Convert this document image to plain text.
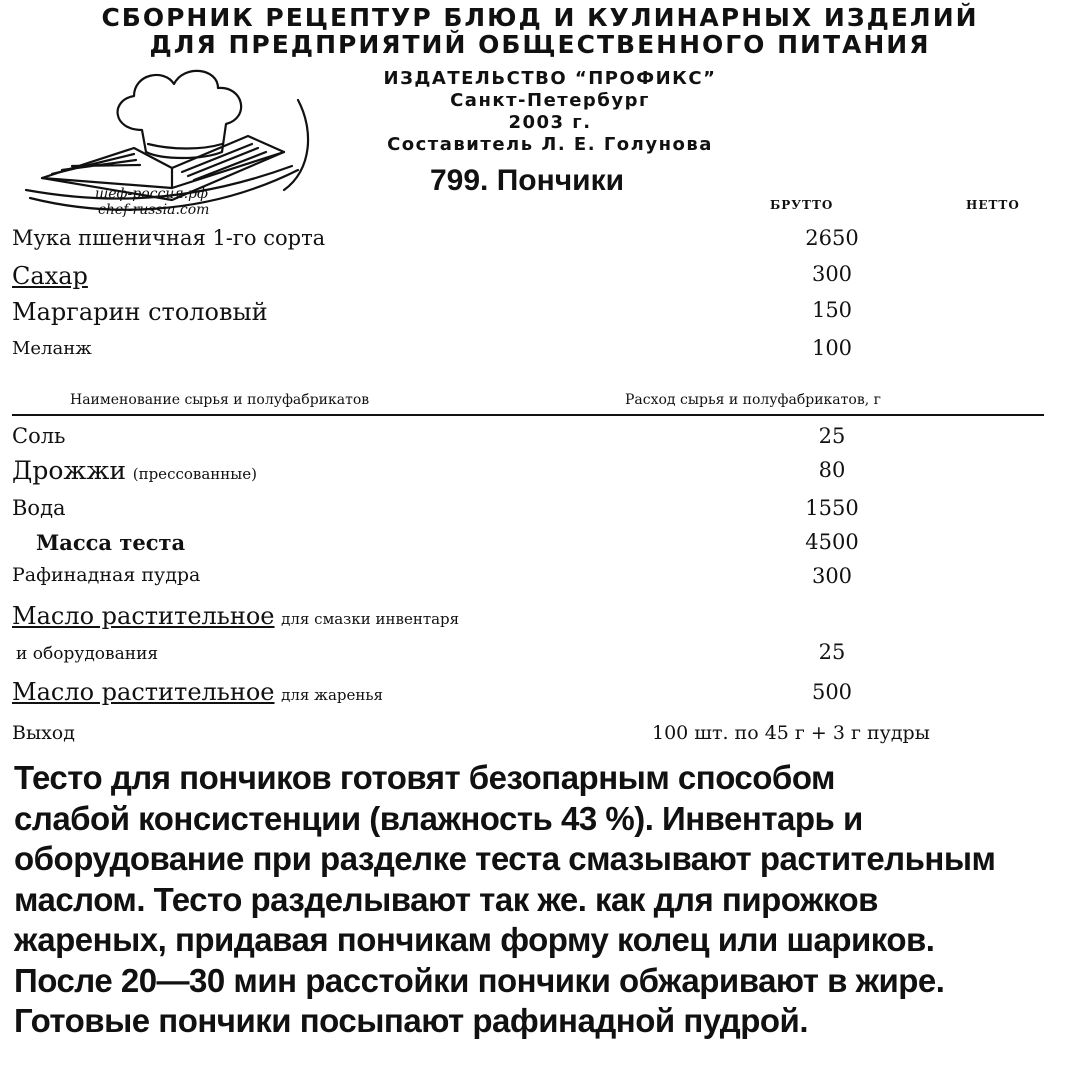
СБОРНИК РЕЦЕПТУР БЛЮД И КУЛИНАРНЫХ ИЗДЕЛИЙ
ДЛЯ ПРЕДПРИЯТИЙ ОБЩЕСТВЕННОГО ПИТАНИЯ
ИЗДАТЕЛЬСТВО “ПРОФИКС”
Санкт-Петербург
2003 г.
Составитель Л. Е. Голунова
шеф-россия.рф
chef-russia.com
799. Пончики
БРУТТО	НЕТТО
Мука пшеничная 1-го сорта	2650
Сахар	300
Маргарин столовый	150
Меланж	100
Наименование сырья и полуфабрикатов	Расход сырья и полуфабрикатов, г
Соль	25
Дрожжи (прессованные)	80
Вода	1550
Масса теста	4500
Рафинадная пудра	300
Масло растительное для смазки инвентаря
и оборудования	25
Масло растительное для жаренья	500
Выход	100 шт. по 45 г + 3 г пудры
Тесто для пончиков готовят безопарным способом
слабой консистенции (влажность 43 %). Инвентарь и
оборудование при разделке теста смазывают растительным
маслом. Тесто разделывают так же. как для пирожков
жареных, придавая пончикам форму колец или шариков.
После 20—30 мин расстойки пончики обжаривают в жире.
Готовые пончики посыпают рафинадной пудрой.
